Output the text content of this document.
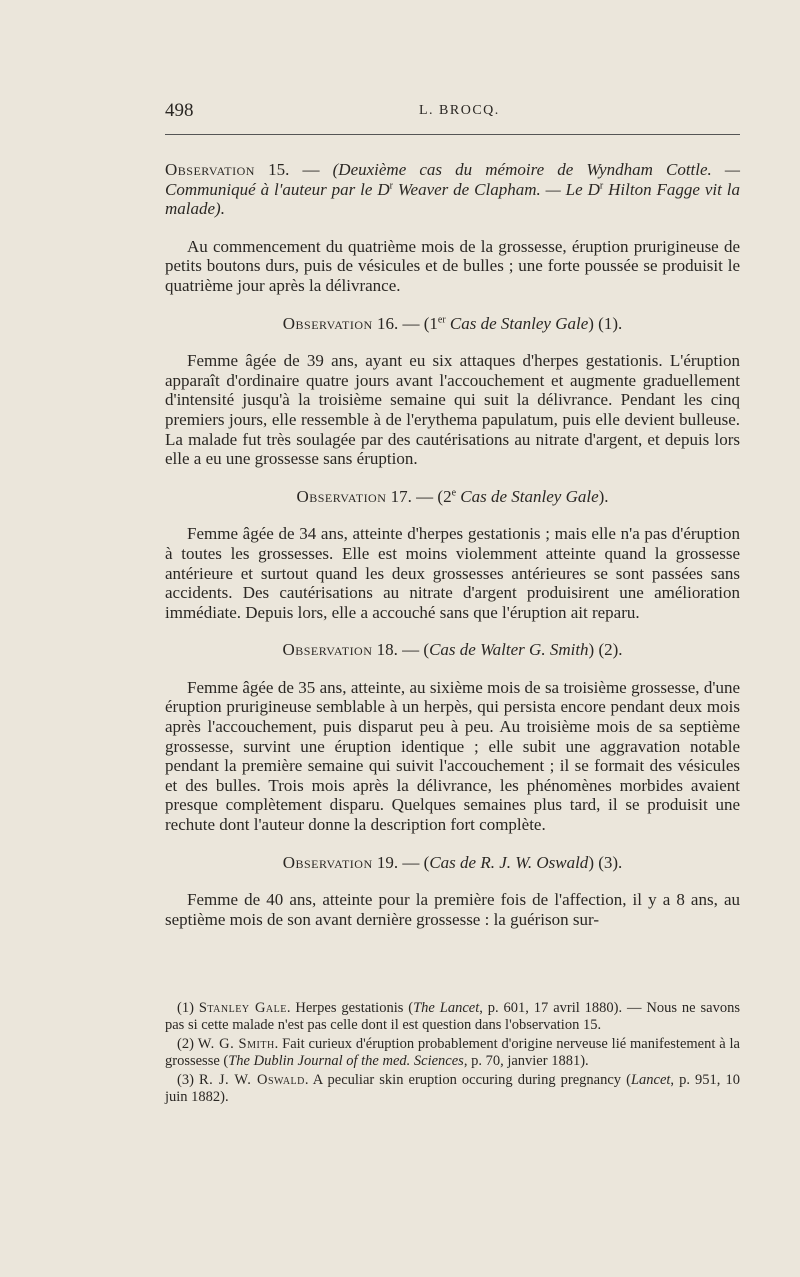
498	L. BROCQ.

Observation 15. — (Deuxième cas du mémoire de Wyndham Cottle. — Communiqué à l'auteur par le $D^r$ Weaver de Clapham. — Le $D^r$ Hilton Fagge vit la malade).

Au commencement du quatrième mois de la grossesse, éruption prurigineuse de petits boutons durs, puis de vésicules et de bulles ; une forte poussée se produisit le quatrième jour après la délivrance.

Observation 16. — (1er Cas de Stanley Gale) (1).

Femme âgée de 39 ans, ayant eu six attaques d'herpes gestationis. L'éruption apparaît d'ordinaire quatre jours avant l'accouchement et augmente graduellement d'intensité jusqu'à la troisième semaine qui suit la délivrance. Pendant les cinq premiers jours, elle ressemble à de l'erythema papulatum, puis elle devient bulleuse. La malade fut très soulagée par des cautérisations au nitrate d'argent, et depuis lors elle a eu une grossesse sans éruption.

Observation 17. — (2e Cas de Stanley Gale).

Femme âgée de 34 ans, atteinte d'herpes gestationis ; mais elle n'a pas d'éruption à toutes les grossesses. Elle est moins violemment atteinte quand la grossesse antérieure et surtout quand les deux grossesses antérieures se sont passées sans accidents. Des cautérisations au nitrate d'argent produisirent une amélioration immédiate. Depuis lors, elle a accouché sans que l'éruption ait reparu.

Observation 18. — (Cas de Walter G. Smith) (2).

Femme âgée de 35 ans, atteinte, au sixième mois de sa troisième grossesse, d'une éruption prurigineuse semblable à un herpès, qui persista encore pendant deux mois après l'accouchement, puis disparut peu à peu. Au troisième mois de sa septième grossesse, survint une éruption identique ; elle subit une aggravation notable pendant la première semaine qui suivit l'accouchement ; il se formait des vésicules et des bulles. Trois mois après la délivrance, les phénomènes morbides avaient presque complètement disparu. Quelques semaines plus tard, il se produisit une rechute dont l'auteur donne la description fort complète.

Observation 19. — (Cas de R. J. W. Oswald) (3).

Femme de 40 ans, atteinte pour la première fois de l'affection, il y a 8 ans, au septième mois de son avant dernière grossesse : la guérison sur-

(1) Stanley Gale. Herpes gestationis (The Lancet, p. 601, 17 avril 1880). — Nous ne savons pas si cette malade n'est pas celle dont il est question dans l'observation 15.

(2) W. G. Smith. Fait curieux d'éruption probablement d'origine nerveuse lié manifestement à la grossesse (The Dublin Journal of the med. Sciences, p. 70, janvier 1881).

(3) R. J. W. Oswald. A peculiar skin eruption occuring during pregnancy (Lancet, p. 951, 10 juin 1882).
